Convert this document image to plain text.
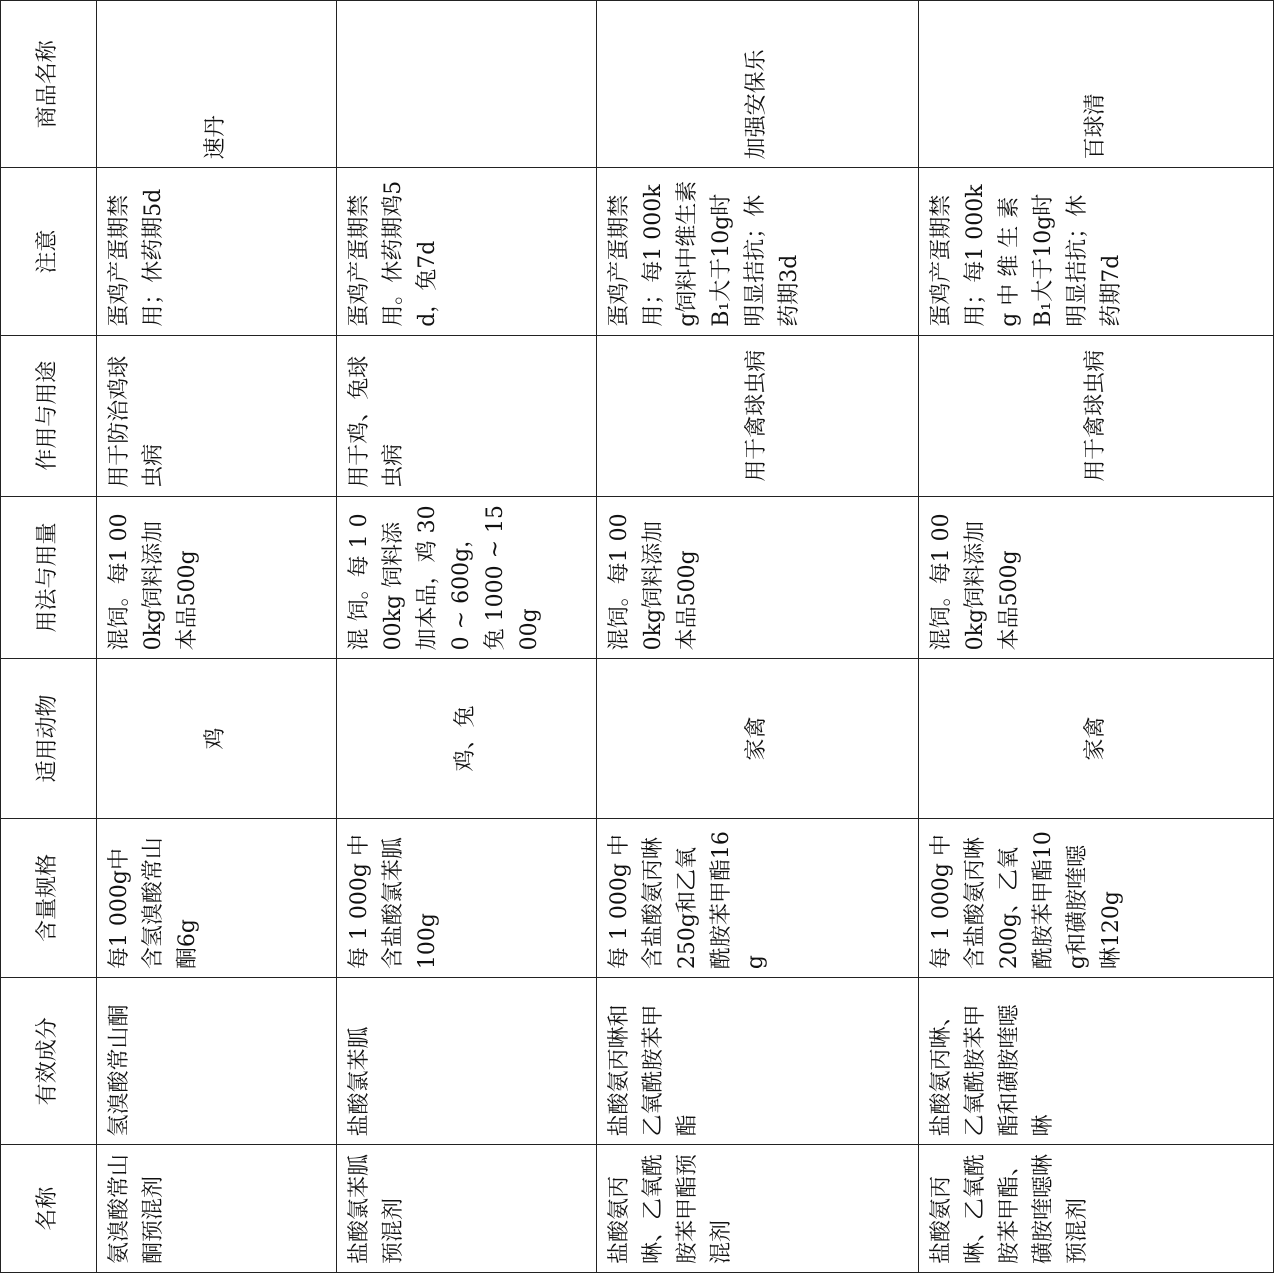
名称	有效成分	含量规格	适用动物	用法与用量	作用与用途	注意	商品名称
氨溴酸常山酮预混剂	氢溴酸常山酮	每1 000g中含氢溴酸常山酮6g	鸡	混饲。每1 000kg饲料添加本品500g	用于防治鸡球虫病	蛋鸡产蛋期禁用；休药期5d	速丹
盐酸氯苯胍预混剂	盐酸氯苯胍	每 1 000g 中含盐酸氯苯胍100g	鸡、兔	混 饲。每 1 000kg 饲料添加本品，鸡 300 ~ 600g，兔 1000 ~ 1500g	用于鸡、兔球虫病	蛋鸡产蛋期禁用。休药期鸡5d，兔7d	
盐酸氨丙啉、乙氧酰胺苯甲酯预混剂	盐酸氨丙啉和乙氧酰胺苯甲酯	每 1 000g 中含盐酸氨丙啉250g和乙氧酰胺苯甲酯16g	家禽	混饲。每1 000kg饲料添加本品500g	用于禽球虫病	蛋鸡产蛋期禁用；每1 000kg饲料中维生素B₁大于10g时明显拮抗；休药期3d	加强安保乐
盐酸氨丙啉、乙氧酰胺苯甲酯、磺胺喹噁啉预混剂	盐酸氨丙啉、乙氧酰胺苯甲酯和磺胺喹噁啉	每 1 000g 中含盐酸氨丙啉200g、乙氧酰胺苯甲酯10g和磺胺喹噁啉120g	家禽	混饲。每1 000kg饲料添加本品500g	用于禽球虫病	蛋鸡产蛋期禁用；每1 000kg 中 维 生 素 B₁大于10g时明显拮抗；休药期7d	百球清
